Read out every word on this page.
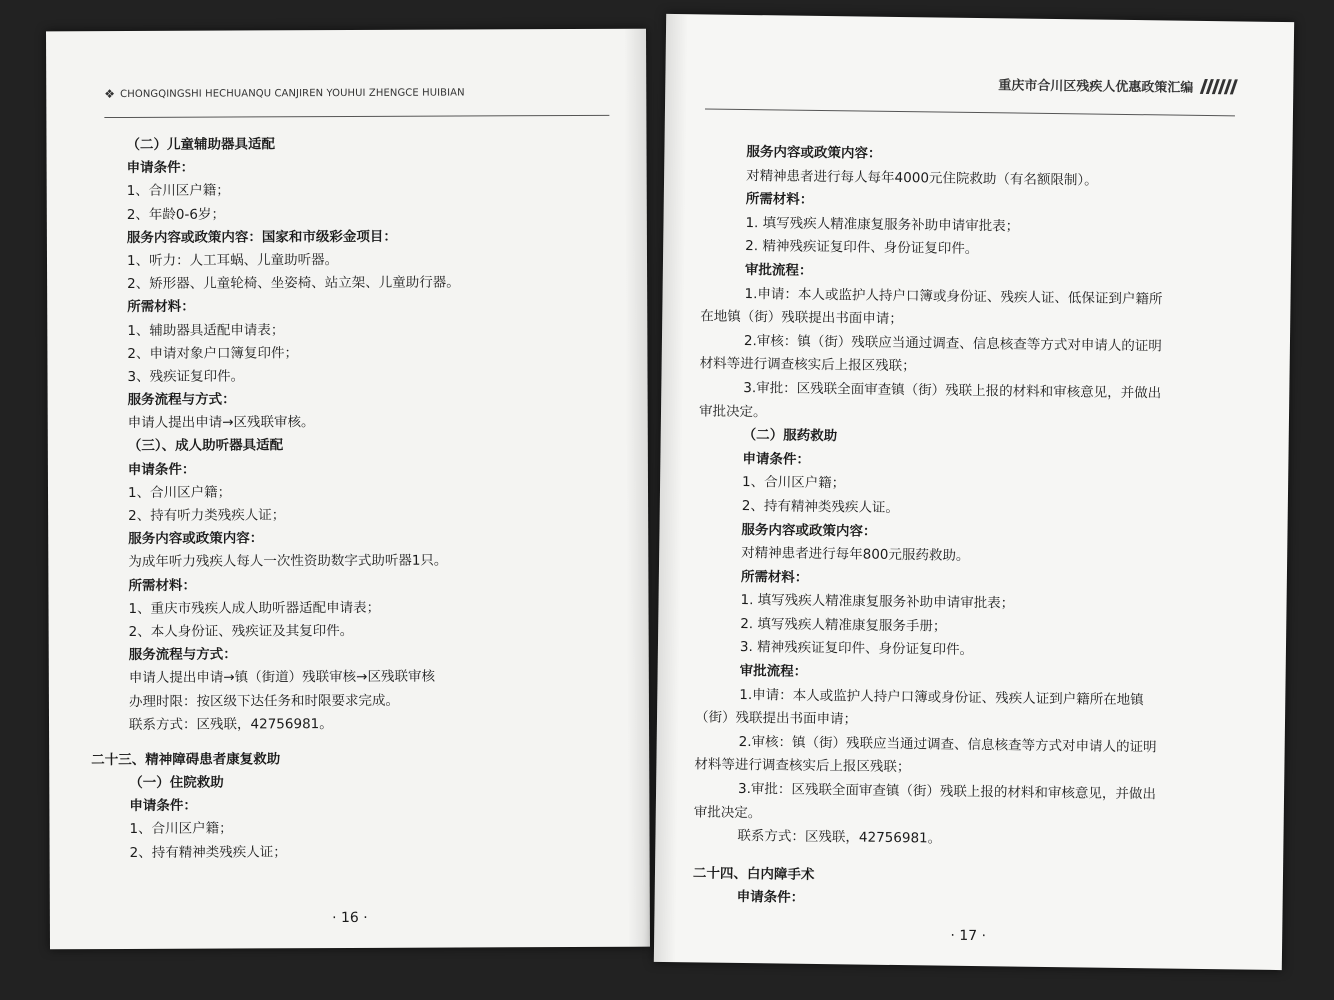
❖ CHONGQINGSHI HECHUANQU CANJIREN YOUHUI ZHENGCE HUIBIAN
（二）儿童辅助器具适配
申请条件：
1、合川区户籍；
2、年龄0-6岁；
服务内容或政策内容：国家和市级彩金项目：
1、听力：人工耳蜗、儿童助听器。
2、矫形器、儿童轮椅、坐姿椅、站立架、儿童助行器。
所需材料：
1、辅助器具适配申请表；
2、申请对象户口簿复印件；
3、残疾证复印件。
服务流程与方式：
申请人提出申请→区残联审核。
（三）、成人助听器具适配
申请条件：
1、合川区户籍；
2、持有听力类残疾人证；
服务内容或政策内容：
为成年听力残疾人每人一次性资助数字式助听器1只。
所需材料：
1、重庆市残疾人成人助听器适配申请表；
2、本人身份证、残疾证及其复印件。
服务流程与方式：
申请人提出申请→镇（街道）残联审核→区残联审核
办理时限：按区级下达任务和时限要求完成。
联系方式：区残联，42756981。
二十三、精神障碍患者康复救助
（一）住院救助
申请条件：
1、合川区户籍；
2、持有精神类残疾人证；
· 16 ·
重庆市合川区残疾人优惠政策汇编
服务内容或政策内容：
对精神患者进行每人每年4000元住院救助（有名额限制）。
所需材料：
1. 填写残疾人精准康复服务补助申请审批表；
2. 精神残疾证复印件、身份证复印件。
审批流程：
1.申请：本人或监护人持户口簿或身份证、残疾人证、低保证到户籍所
在地镇（街）残联提出书面申请；
2.审核：镇（街）残联应当通过调查、信息核查等方式对申请人的证明
材料等进行调查核实后上报区残联；
3.审批：区残联全面审查镇（街）残联上报的材料和审核意见，并做出
审批决定。
（二）服药救助
申请条件：
1、合川区户籍；
2、持有精神类残疾人证。
服务内容或政策内容：
对精神患者进行每年800元服药救助。
所需材料：
1. 填写残疾人精准康复服务补助申请审批表；
2. 填写残疾人精准康复服务手册；
3. 精神残疾证复印件、身份证复印件。
审批流程：
1.申请：本人或监护人持户口簿或身份证、残疾人证到户籍所在地镇
（街）残联提出书面申请；
2.审核：镇（街）残联应当通过调查、信息核查等方式对申请人的证明
材料等进行调查核实后上报区残联；
3.审批：区残联全面审查镇（街）残联上报的材料和审核意见，并做出
审批决定。
联系方式：区残联，42756981。
二十四、白内障手术
申请条件：
· 17 ·
